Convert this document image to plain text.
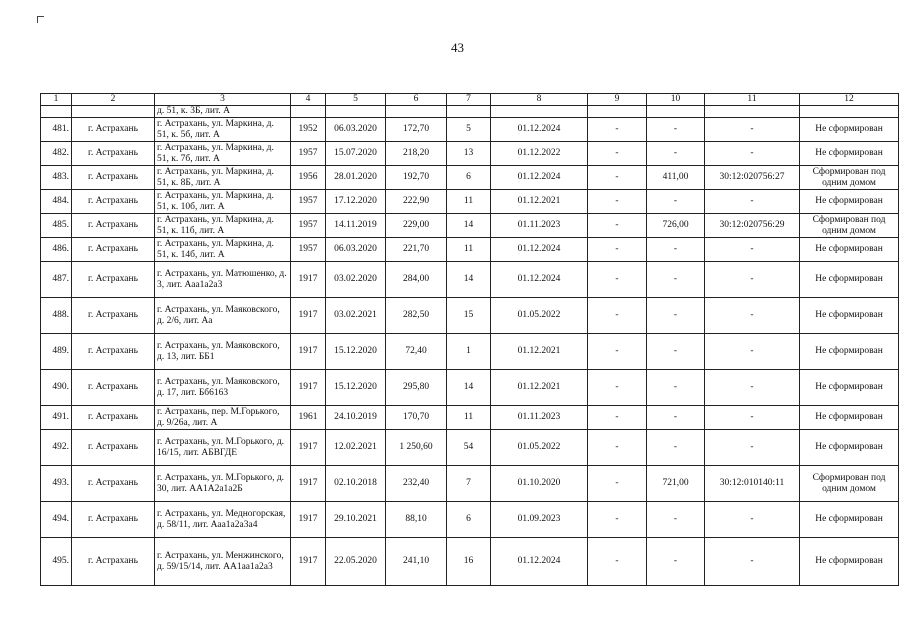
43
1	2	3	4	5	6	7	8	9	10	11	12
		д. 51, к. 3Б, лит. А									
481.	г. Астрахань	г. Астрахань, ул. Маркина, д. 51, к. 5б, лит. А	1952	06.03.2020	172,70	5	01.12.2024	-	-	-	Не сформирован
482.	г. Астрахань	г. Астрахань, ул. Маркина, д. 51, к. 7б, лит. А	1957	15.07.2020	218,20	13	01.12.2022	-	-	-	Не сформирован
483.	г. Астрахань	г. Астрахань, ул. Маркина, д. 51, к. 8Б, лит. А	1956	28.01.2020	192,70	6	01.12.2024	-	411,00	30:12:020756:27	Сформирован под одним домом
484.	г. Астрахань	г. Астрахань, ул. Маркина, д. 51, к. 10б, лит. А	1957	17.12.2020	222,90	11	01.12.2021	-	-	-	Не сформирован
485.	г. Астрахань	г. Астрахань, ул. Маркина, д. 51, к. 11б, лит. А	1957	14.11.2019	229,00	14	01.11.2023	-	726,00	30:12:020756:29	Сформирован под одним домом
486.	г. Астрахань	г. Астрахань, ул. Маркина, д. 51, к. 14б, лит. А	1957	06.03.2020	221,70	11	01.12.2024	-	-	-	Не сформирован
487.	г. Астрахань	г. Астрахань, ул. Матюшенко, д. 3, лит. Ааа1а2а3	1917	03.02.2020	284,00	14	01.12.2024	-	-	-	Не сформирован
488.	г. Астрахань	г. Астрахань, ул. Маяковского, д. 2/6, лит. Аа	1917	03.02.2021	282,50	15	01.05.2022	-	-	-	Не сформирован
489.	г. Астрахань	г. Астрахань, ул. Маяковского, д. 13, лит. ББ1	1917	15.12.2020	72,40	1	01.12.2021	-	-	-	Не сформирован
490.	г. Астрахань	г. Астрахань, ул. Маяковского, д. 17, лит. Бб6163	1917	15.12.2020	295,80	14	01.12.2021	-	-	-	Не сформирован
491.	г. Астрахань	г. Астрахань, пер. М.Горького, д. 9/26а, лит. А	1961	24.10.2019	170,70	11	01.11.2023	-	-	-	Не сформирован
492.	г. Астрахань	г. Астрахань, ул. М.Горького, д. 16/15, лит. АБВГДЕ	1917	12.02.2021	1 250,60	54	01.05.2022	-	-	-	Не сформирован
493.	г. Астрахань	г. Астрахань, ул. М.Горького, д. 30, лит. АА1А2а1а2Б	1917	02.10.2018	232,40	7	01.10.2020	-	721,00	30:12:010140:11	Сформирован под одним домом
494.	г. Астрахань	г. Астрахань, ул. Медногорская, д. 58/11, лит. Ааа1а2а3а4	1917	29.10.2021	88,10	6	01.09.2023	-	-	-	Не сформирован
495.	г. Астрахань	г. Астрахань, ул. Менжинского, д. 59/15/14, лит. АА1аа1а2а3	1917	22.05.2020	241,10	16	01.12.2024	-	-	-	Не сформирован
